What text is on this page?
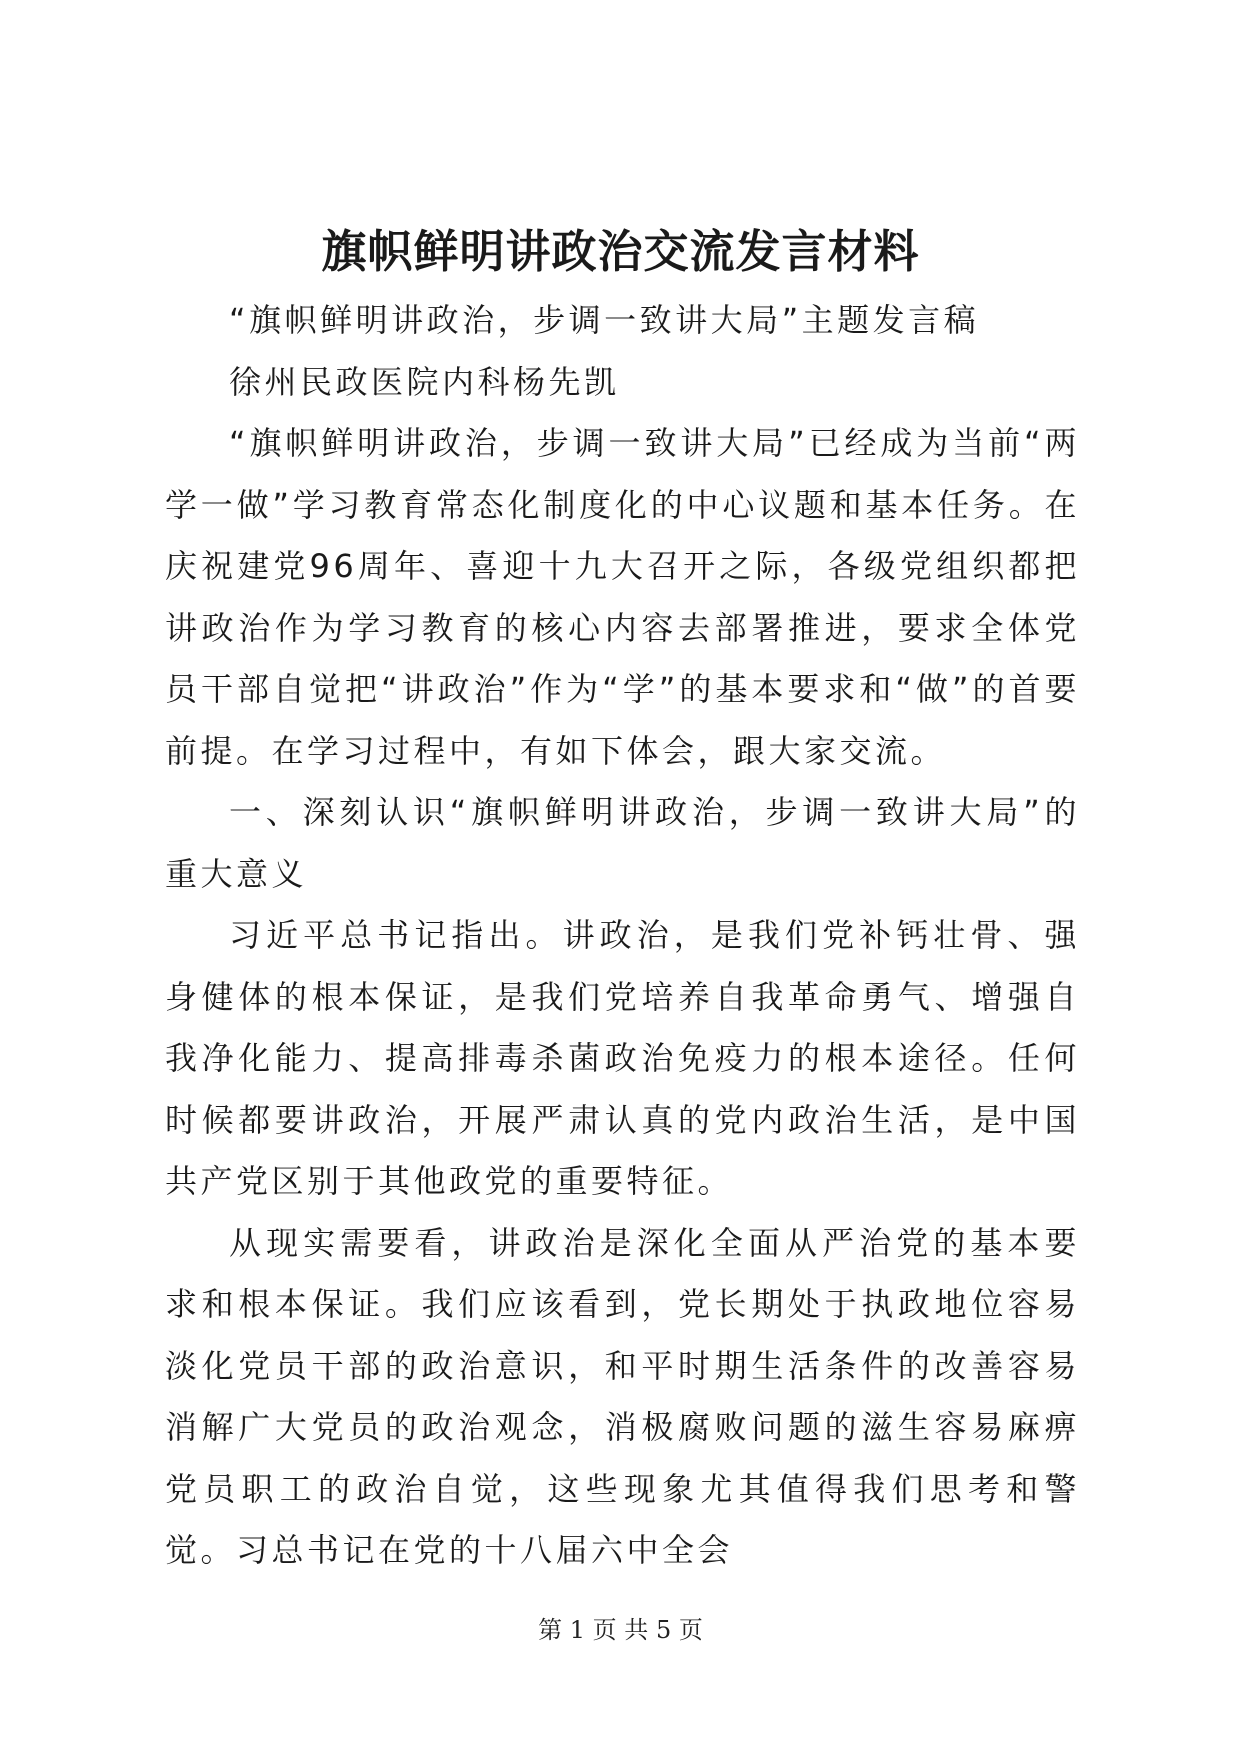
旗帜鲜明讲政治交流发言材料

“旗帜鲜明讲政治，步调一致讲大局”主题发言稿

徐州民政医院内科杨先凯

“旗帜鲜明讲政治，步调一致讲大局”已经成为当前“两学一做”学习教育常态化制度化的中心议题和基本任务。在庆祝建党96周年、喜迎十九大召开之际，各级党组织都把讲政治作为学习教育的核心内容去部署推进，要求全体党员干部自觉把“讲政治”作为“学”的基本要求和“做”的首要前提。在学习过程中，有如下体会，跟大家交流。

一、深刻认识“旗帜鲜明讲政治，步调一致讲大局”的重大意义

习近平总书记指出。讲政治，是我们党补钙壮骨、强身健体的根本保证，是我们党培养自我革命勇气、增强自我净化能力、提高排毒杀菌政治免疫力的根本途径。任何时候都要讲政治，开展严肃认真的党内政治生活，是中国共产党区别于其他政党的重要特征。

从现实需要看，讲政治是深化全面从严治党的基本要求和根本保证。我们应该看到，党长期处于执政地位容易淡化党员干部的政治意识，和平时期生活条件的改善容易消解广大党员的政治观念，消极腐败问题的滋生容易麻痹党员职工的政治自觉，这些现象尤其值得我们思考和警觉。习总书记在党的十八届六中全会

第 1 页 共 5 页
